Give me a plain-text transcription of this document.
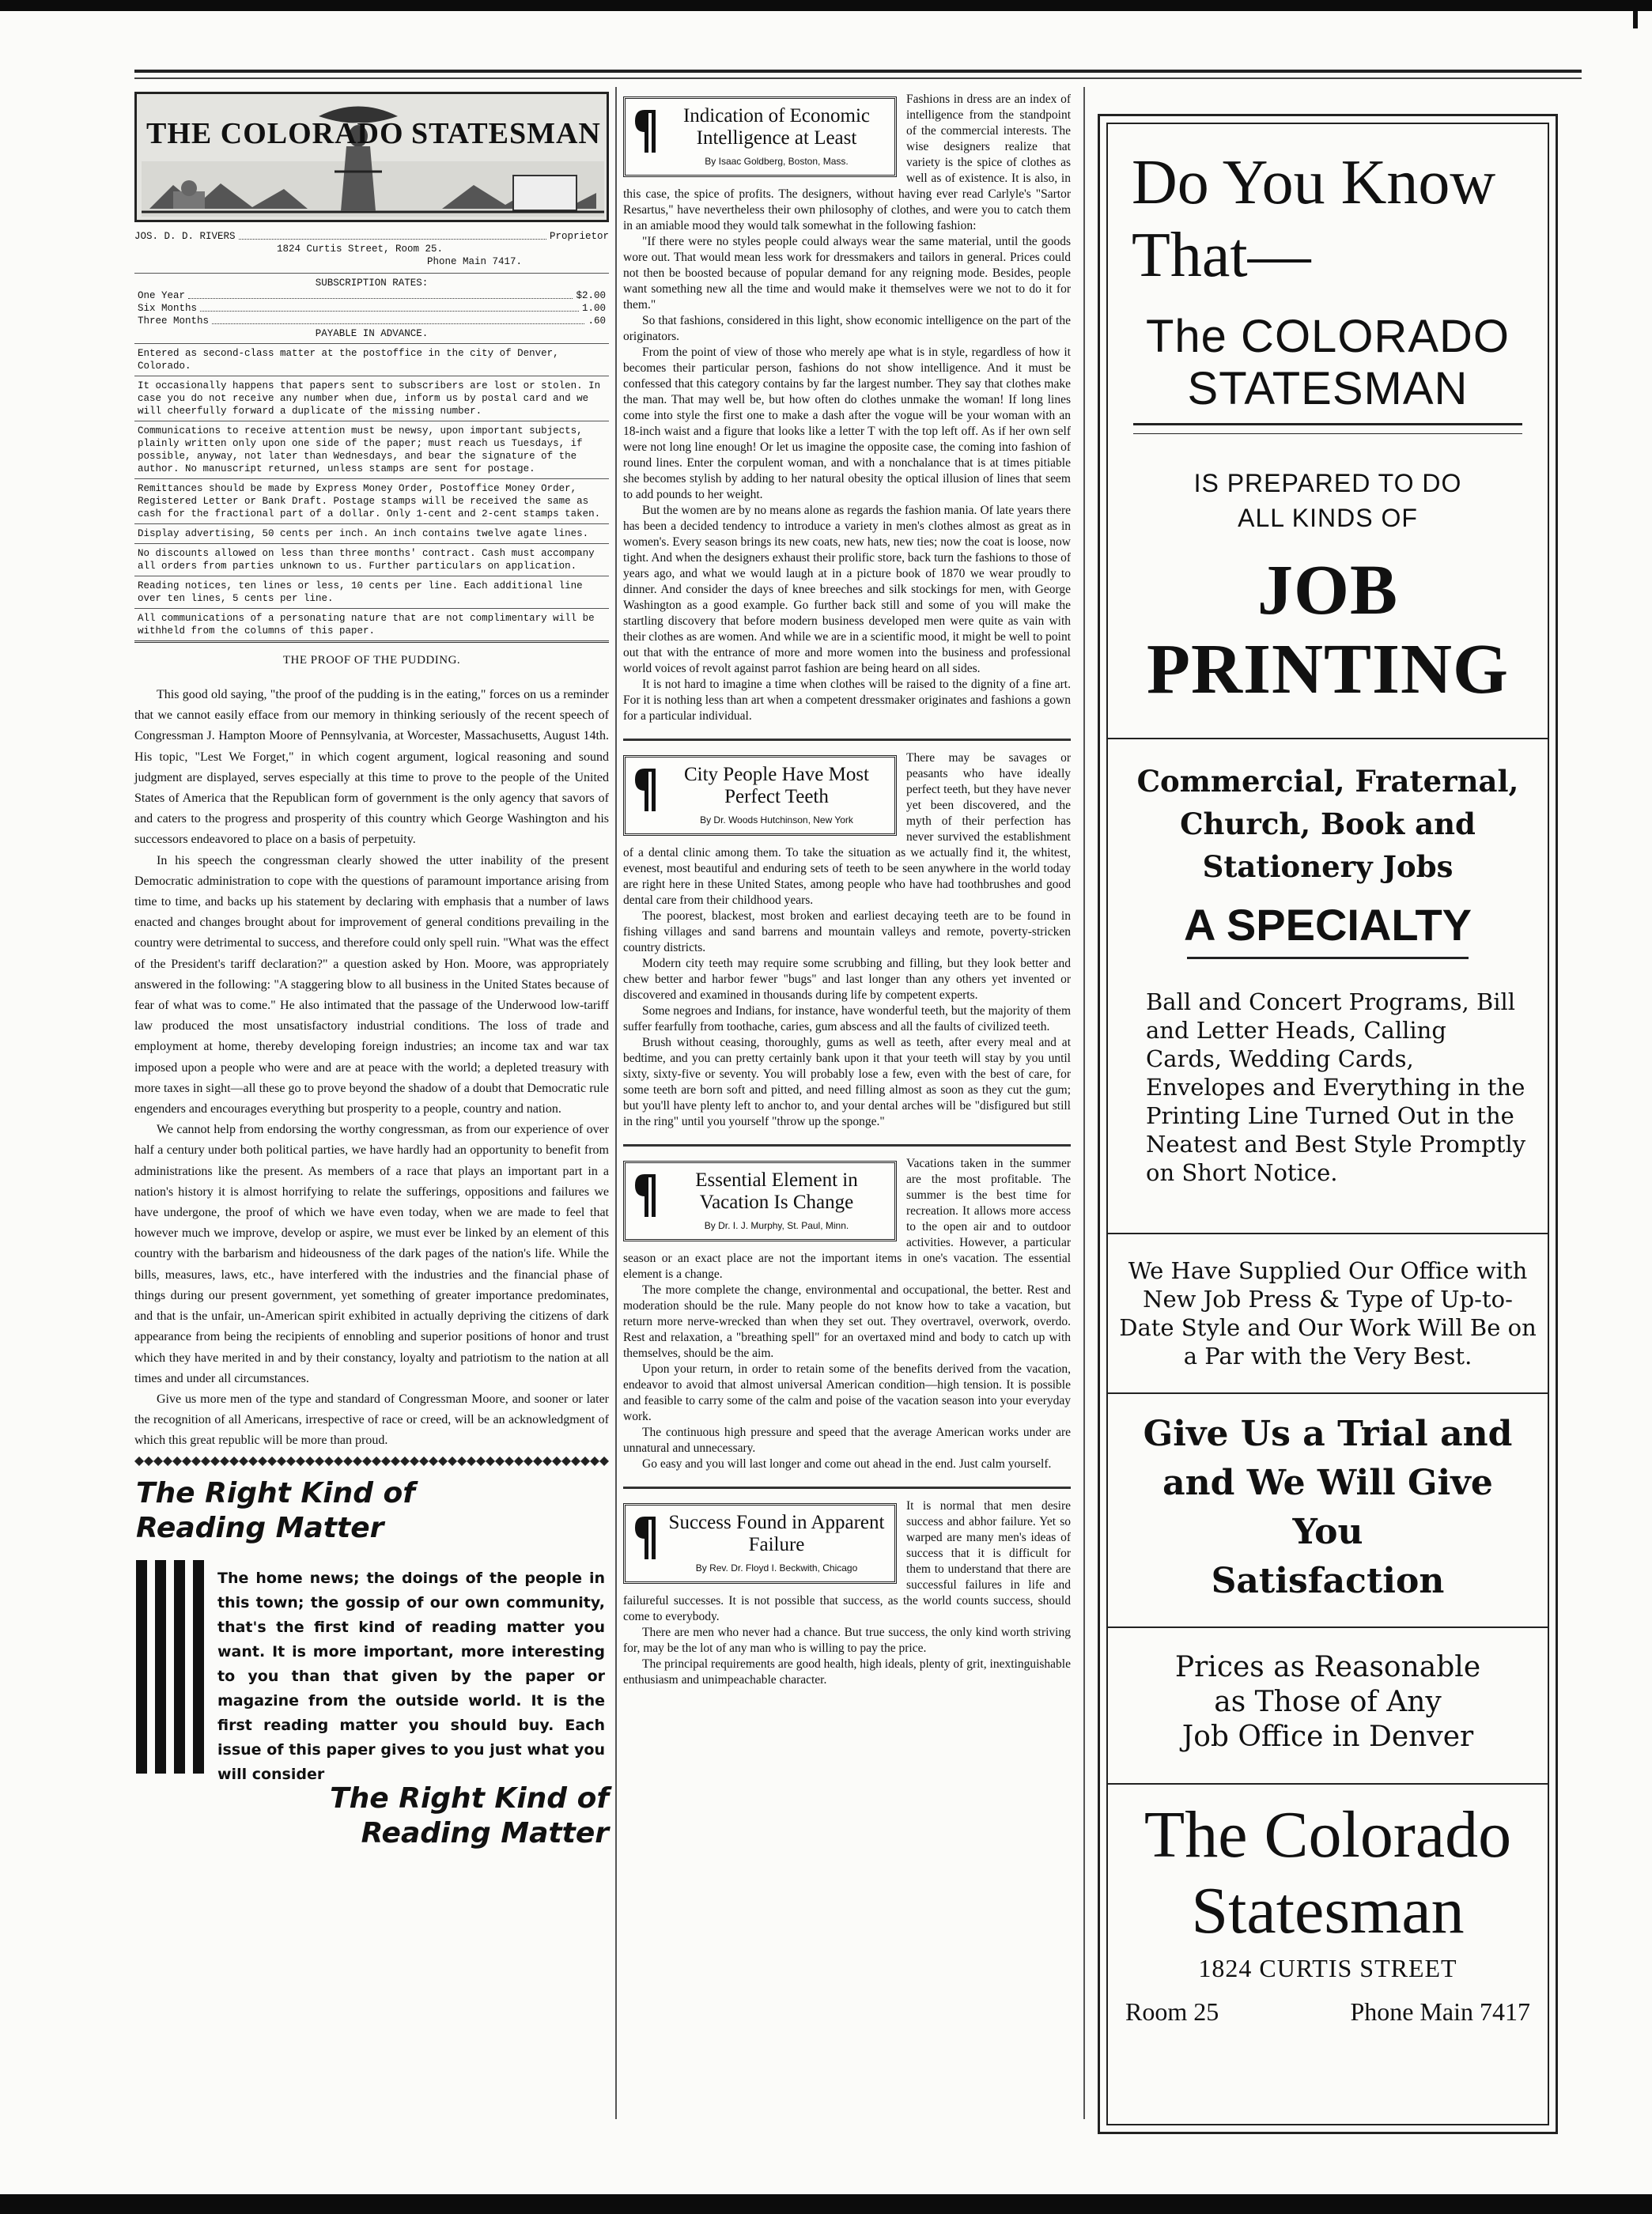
THE COLORADO STATESMAN
JOS. D. D. RIVERS	Proprietor
1824 Curtis Street, Room 25.
Phone Main 7417.
SUBSCRIPTION RATES:
One Year	$2.00
Six Months	1.00
Three Months	.60
PAYABLE IN ADVANCE.
Entered as second-class matter at the postoffice in the city of Denver, Colorado.
It occasionally happens that papers sent to subscribers are lost or stolen. In case you do not receive any number when due, inform us by postal card and we will cheerfully forward a duplicate of the missing number.
Communications to receive attention must be newsy, upon important subjects, plainly written only upon one side of the paper; must reach us Tuesdays, if possible, anyway, not later than Wednesdays, and bear the signature of the author. No manuscript returned, unless stamps are sent for postage.
Remittances should be made by Express Money Order, Postoffice Money Order, Registered Letter or Bank Draft. Postage stamps will be received the same as cash for the fractional part of a dollar. Only 1-cent and 2-cent stamps taken.
Display advertising, 50 cents per inch. An inch contains twelve agate lines.
No discounts allowed on less than three months' contract. Cash must accompany all orders from parties unknown to us. Further particulars on application.
Reading notices, ten lines or less, 10 cents per line. Each additional line over ten lines, 5 cents per line.
All communications of a personating nature that are not complimentary will be withheld from the columns of this paper.
THE PROOF OF THE PUDDING.

This good old saying, "the proof of the pudding is in the eating," forces on us a reminder that we cannot easily efface from our memory in thinking seriously of the recent speech of Congressman J. Hampton Moore of Pennsylvania, at Worcester, Massachusetts, August 14th. His topic, "Lest We Forget," in which cogent argument, logical reasoning and sound judgment are displayed, serves especially at this time to prove to the people of the United States of America that the Republican form of government is the only agency that savors of and caters to the progress and prosperity of this country which George Washington and his successors endeavored to place on a basis of perpetuity.

In his speech the congressman clearly showed the utter inability of the present Democratic administration to cope with the questions of paramount importance arising from time to time, and backs up his statement by declaring with emphasis that a number of laws enacted and changes brought about for improvement of general conditions prevailing in the country were detrimental to success, and therefore could only spell ruin. "What was the effect of the President's tariff declaration?" a question asked by Hon. Moore, was appropriately answered in the following: "A staggering blow to all business in the United States because of fear of what was to come." He also intimated that the passage of the Underwood low-tariff law produced the most unsatisfactory industrial conditions. The loss of trade and employment at home, thereby developing foreign industries; an income tax and war tax imposed upon a people who were and are at peace with the world; a depleted treasury with more taxes in sight—all these go to prove beyond the shadow of a doubt that Democratic rule engenders and encourages everything but prosperity to a people, country and nation.

We cannot help from endorsing the worthy congressman, as from our experience of over half a century under both political parties, we have hardly had an opportunity to benefit from administrations like the present. As members of a race that plays an important part in a nation's history it is almost horrifying to relate the sufferings, oppositions and failures we have undergone, the proof of which we have even today, when we are made to feel that however much we improve, develop or aspire, we must ever be linked by an element of this country with the barbarism and hideousness of the dark pages of the nation's life. While the bills, measures, laws, etc., have interfered with the industries and the financial phase of things during our present government, yet something of greater importance predominates, and that is the unfair, un-American spirit exhibited in actually depriving the citizens of dark appearance from being the recipients of ennobling and superior positions of honor and trust which they have merited in and by their constancy, loyalty and patriotism to the nation at all times and under all circumstances.

Give us more men of the type and standard of Congressman Moore, and sooner or later the recognition of all Americans, irrespective of race or creed, will be an acknowledgment of which this great republic will be more than proud.

The Right Kind of
Reading Matter
The home news; the doings of the people in this town; the gossip of our own community, that's the first kind of reading matter you want. It is more important, more interesting to you than that given by the paper or magazine from the outside world. It is the first reading matter you should buy. Each issue of this paper gives to you just what you will consider
The Right Kind of
Reading Matter
Indication of Economic Intelligence at Least
By Isaac Goldberg, Boston, Mass.

Fashions in dress are an index of intelligence from the standpoint of the commercial interests. The wise designers realize that variety is the spice of clothes as well as of existence. It is also, in this case, the spice of profits. The designers, without having ever read Carlyle's "Sartor Resartus," have nevertheless their own philosophy of clothes, and were you to catch them in an amiable mood they would talk somewhat in the following fashion:

"If there were no styles people could always wear the same material, until the goods wore out. That would mean less work for dressmakers and tailors in general. Prices could not then be boosted because of popular demand for any reigning mode. Besides, people want something new all the time and would make it themselves were we not to do it for them."

So that fashions, considered in this light, show economic intelligence on the part of the originators.

From the point of view of those who merely ape what is in style, regardless of how it becomes their particular person, fashions do not show intelligence. And it must be confessed that this category contains by far the largest number. They say that clothes make the man. That may well be, but how often do clothes unmake the woman! If long lines come into style the first one to make a dash after the vogue will be your woman with an 18-inch waist and a figure that looks like a letter T with the top left off. As if her own self were not long line enough! Or let us imagine the opposite case, the coming into fashion of round lines. Enter the corpulent woman, and with a nonchalance that is at times pitiable she becomes stylish by adding to her natural obesity the optical illusion of lines that seem to add pounds to her weight.

But the women are by no means alone as regards the fashion mania. Of late years there has been a decided tendency to introduce a variety in men's clothes almost as great as in women's. Every season brings its new coats, new hats, new ties; now the coat is loose, now tight. And when the designers exhaust their prolific store, back turn the fashions to those of years ago, and what we would laugh at in a picture book of 1870 we wear proudly to dinner. And consider the days of knee breeches and silk stockings for men, with George Washington as a good example. Go further back still and some of you will make the startling discovery that before modern business developed men were quite as vain with their clothes as are women. And while we are in a scientific mood, it might be well to point out that with the entrance of more and more women into the business and professional world voices of revolt against parrot fashion are being heard on all sides.

It is not hard to imagine a time when clothes will be raised to the dignity of a fine art. For it is nothing less than art when a competent dressmaker originates and fashions a gown for a particular individual.

City People Have Most Perfect Teeth
By Dr. Woods Hutchinson, New York

There may be savages or peasants who have ideally perfect teeth, but they have never yet been discovered, and the myth of their perfection has never survived the establishment of a dental clinic among them. To take the situation as we actually find it, the whitest, evenest, most beautiful and enduring sets of teeth to be seen anywhere in the world today are right here in these United States, among people who have had toothbrushes and good dental care from their childhood years.

The poorest, blackest, most broken and earliest decaying teeth are to be found in fishing villages and sand barrens and mountain valleys and remote, poverty-stricken country districts.

Modern city teeth may require some scrubbing and filling, but they look better and chew better and harbor fewer "bugs" and last longer than any others yet invented or discovered and examined in thousands during life by competent experts.

Some negroes and Indians, for instance, have wonderful teeth, but the majority of them suffer fearfully from toothache, caries, gum abscess and all the faults of civilized teeth.

Brush without ceasing, thoroughly, gums as well as teeth, after every meal and at bedtime, and you can pretty certainly bank upon it that your teeth will stay by you until sixty, sixty-five or seventy. You will probably lose a few, even with the best of care, for some teeth are born soft and pitted, and need filling almost as soon as they cut the gum; but you'll have plenty left to anchor to, and your dental arches will be "disfigured but still in the ring" until you yourself "throw up the sponge."

Essential Element in Vacation Is Change
By Dr. I. J. Murphy, St. Paul, Minn.

Vacations taken in the summer are the most profitable. The summer is the best time for recreation. It allows more access to the open air and to outdoor activities. However, a particular season or an exact place are not the important items in one's vacation. The essential element is a change.

The more complete the change, environmental and occupational, the better. Rest and moderation should be the rule. Many people do not know how to take a vacation, but return more nerve-wrecked than when they set out. They overtravel, overwork, overdo. Rest and relaxation, a "breathing spell" for an overtaxed mind and body to catch up with themselves, should be the aim.

Upon your return, in order to retain some of the benefits derived from the vacation, endeavor to avoid that almost universal American condition—high tension. It is possible and feasible to carry some of the calm and poise of the vacation season into your everyday work.

The continuous high pressure and speed that the average American works under are unnatural and unnecessary.

Go easy and you will last longer and come out ahead in the end. Just calm yourself.

Success Found in Apparent Failure
By Rev. Dr. Floyd I. Beckwith, Chicago

It is normal that men desire success and abhor failure. Yet so warped are many men's ideas of success that it is difficult for them to understand that there are successful failures in life and failureful successes. It is not possible that success, as the world counts success, should come to everybody.

There are men who never had a chance. But true success, the only kind worth striving for, may be the lot of any man who is willing to pay the price.

The principal requirements are good health, high ideals, plenty of grit, inextinguishable enthusiasm and unimpeachable character.

Do You Know
That—
The COLORADO
STATESMAN
IS PREPARED TO DO
ALL KINDS OF
JOB PRINTING
Commercial, Fraternal,
Church, Book and
Stationery Jobs
A SPECIALTY
Ball and Concert Programs, Bill and Letter Heads, Calling Cards, Wedding Cards, Envelopes and Everything in the Printing Line Turned Out in the Neatest and Best Style Promptly on Short Notice.
We Have Supplied Our Office with New Job Press & Type of Up-to-Date Style and Our Work Will Be on a Par with the Very Best.
Give Us a Trial and
and We Will Give
You
Satisfaction
Prices as Reasonable
as Those of Any
Job Office in Denver
The Colorado
Statesman
1824 CURTIS STREET
Room 25	Phone Main 7417
